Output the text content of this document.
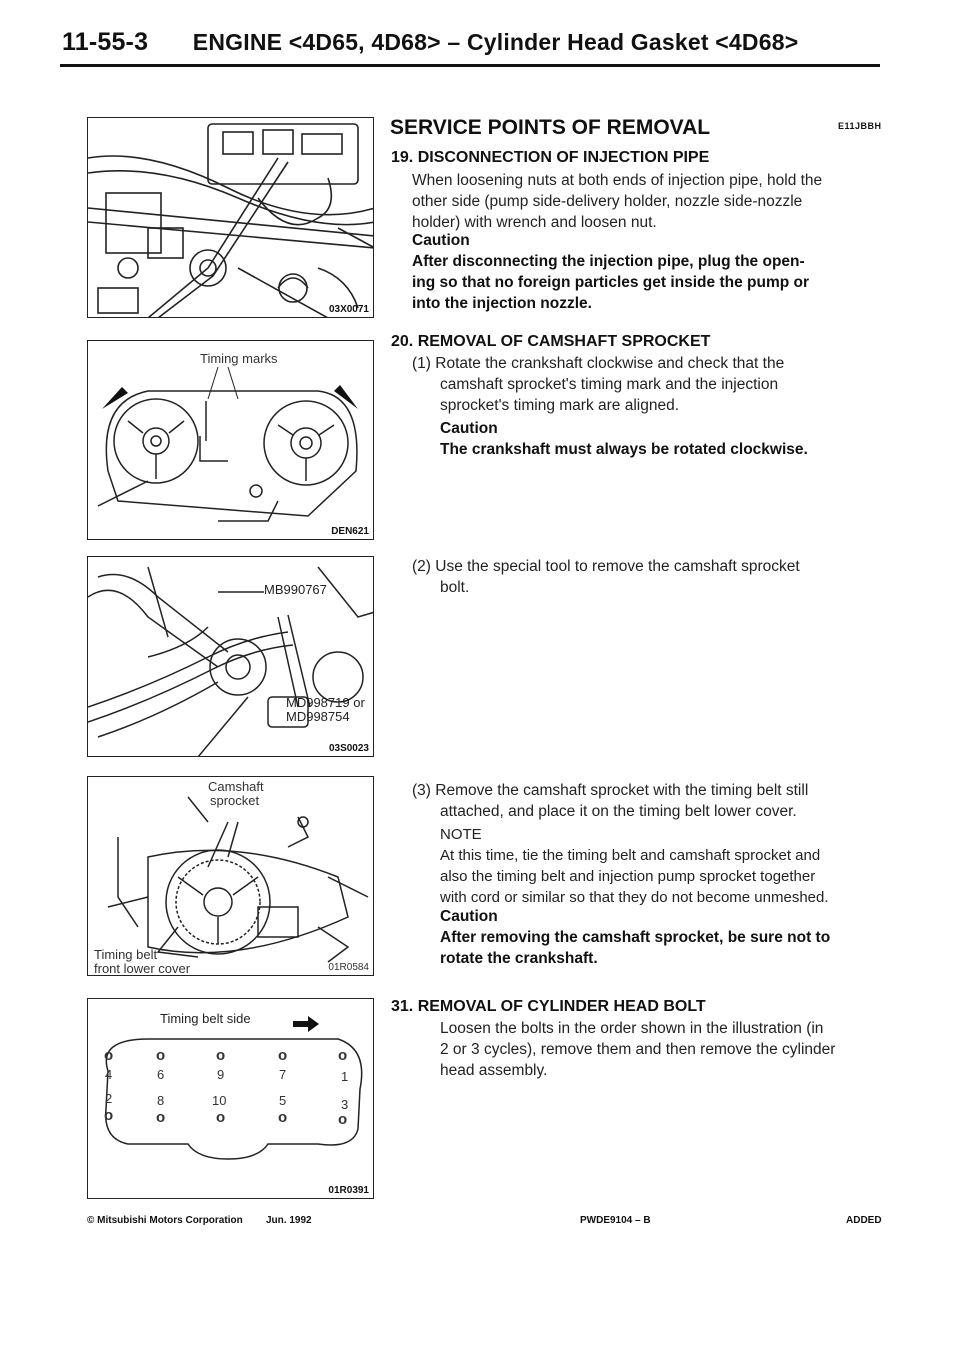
11-55-3 ENGINE <4D65, 4D68> – Cylinder Head Gasket <4D68>
03X0071
Timing marks
DEN621
MB990767
MD998719 or
MD998754
03S0023
Camshaft
sprocket
Timing belt
front lower cover	01R0584
Timing belt side
o	o	o	o	o
4	6	9	7	1
2	8	10	5	3
o	o	o	o	o
01R0391
SERVICE POINTS OF REMOVAL	E11JBBH
19. DISCONNECTION OF INJECTION PIPE
When loosening nuts at both ends of injection pipe, hold the
other side (pump side-delivery holder, nozzle side-nozzle
holder) with wrench and loosen nut.
Caution
After disconnecting the injection pipe, plug the open-
ing so that no foreign particles get inside the pump or
into the injection nozzle.
20. REMOVAL OF CAMSHAFT SPROCKET
(1) Rotate the crankshaft clockwise and check that the
camshaft sprocket's timing mark and the injection
sprocket's timing mark are aligned.
Caution
The crankshaft must always be rotated clockwise.
(2) Use the special tool to remove the camshaft sprocket
bolt.
(3) Remove the camshaft sprocket with the timing belt still
attached, and place it on the timing belt lower cover.
NOTE
At this time, tie the timing belt and camshaft sprocket and
also the timing belt and injection pump sprocket together
with cord or similar so that they do not become unmeshed.
Caution
After removing the camshaft sprocket, be sure not to
rotate the crankshaft.
31. REMOVAL OF CYLINDER HEAD BOLT
Loosen the bolts in the order shown in the illustration (in
2 or 3 cycles), remove them and then remove the cylinder
head assembly.
© Mitsubishi Motors Corporation Jun. 1992	PWDE9104 – B	ADDED
